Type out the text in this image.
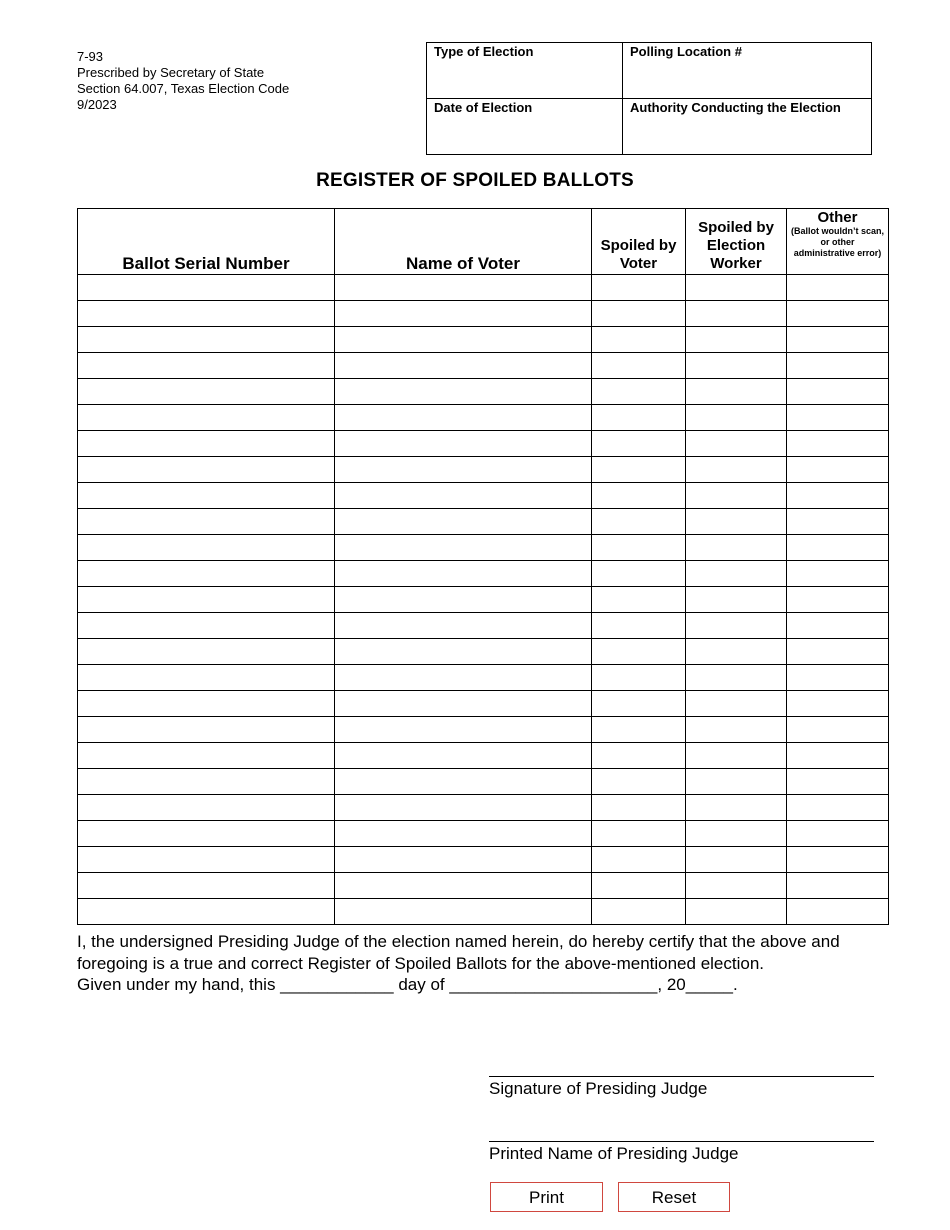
7-93
Prescribed by Secretary of State
Section 64.007, Texas Election Code
9/2023
Type of Election	Polling Location #
Date of Election	Authority Conducting the Election
REGISTER OF SPOILED BALLOTS
Ballot Serial Number	Name of Voter	Spoiled by Voter	Spoiled by Election Worker	Other
(Ballot wouldn’t scan, or other administrative error)

I, the undersigned Presiding Judge of the election named herein, do hereby certify that the above and foregoing is a true and correct Register of Spoiled Ballots for the above-mentioned election.

Given under my hand, this ____________ day of ______________________, 20_____.

Signature of Presiding Judge
Printed Name of Presiding Judge
Print	Reset
